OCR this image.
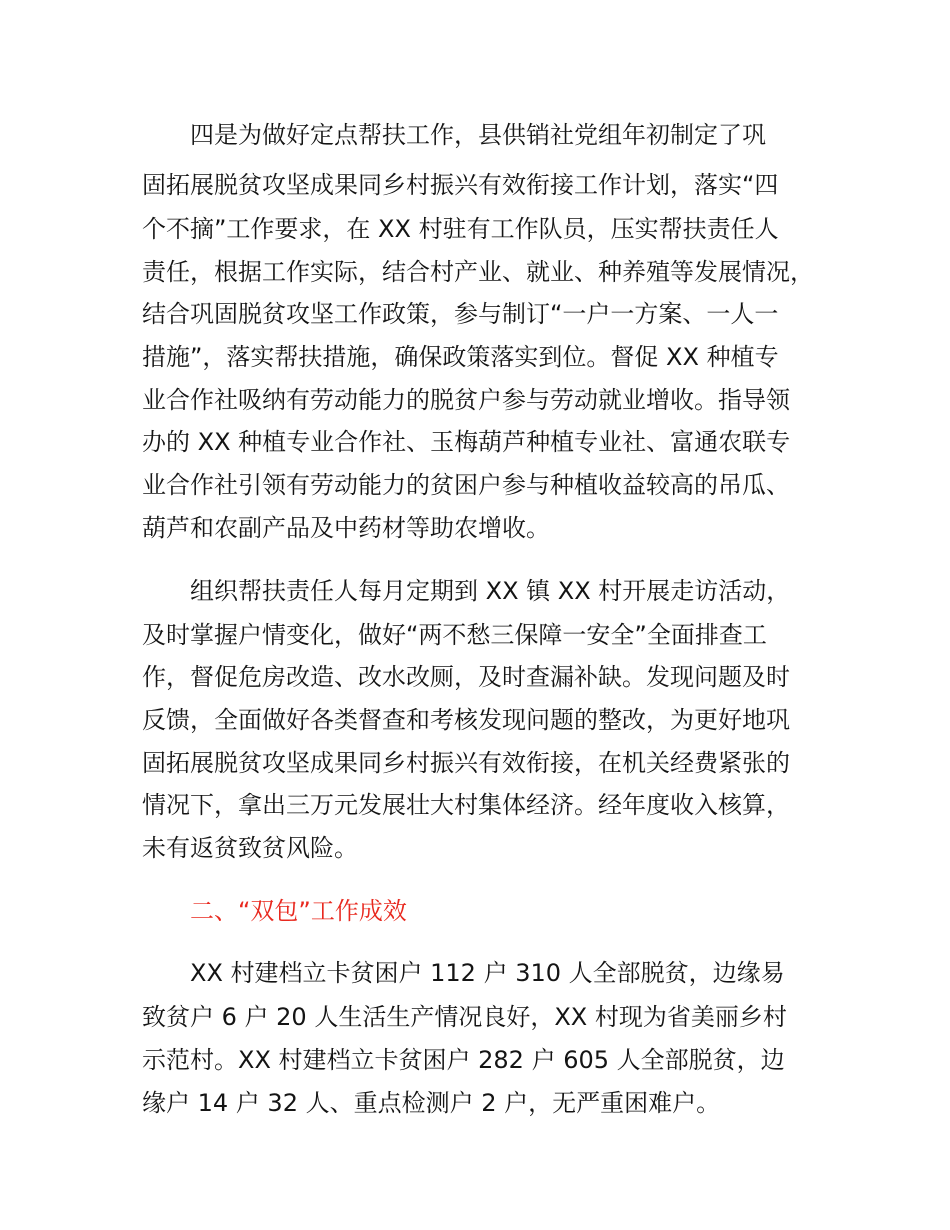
四是为做好定点帮扶工作，县供销社党组年初制定了巩
固拓展脱贫攻坚成果同乡村振兴有效衔接工作计划，落实“四
个不摘”工作要求，在 XX 村驻有工作队员，压实帮扶责任人
责任，根据工作实际，结合村产业、就业、种养殖等发展情况，
结合巩固脱贫攻坚工作政策，参与制订“一户一方案、一人一
措施”，落实帮扶措施，确保政策落实到位。督促 XX 种植专
业合作社吸纳有劳动能力的脱贫户参与劳动就业增收。指导领
办的 XX 种植专业合作社、玉梅葫芦种植专业社、富通农联专
业合作社引领有劳动能力的贫困户参与种植收益较高的吊瓜、
葫芦和农副产品及中药材等助农增收。
组织帮扶责任人每月定期到 XX 镇 XX 村开展走访活动，
及时掌握户情变化，做好“两不愁三保障一安全”全面排查工
作，督促危房改造、改水改厕，及时查漏补缺。发现问题及时
反馈，全面做好各类督查和考核发现问题的整改，为更好地巩
固拓展脱贫攻坚成果同乡村振兴有效衔接，在机关经费紧张的
情况下，拿出三万元发展壮大村集体经济。经年度收入核算，
未有返贫致贫风险。
二、“双包”工作成效
XX 村建档立卡贫困户 112 户 310 人全部脱贫，边缘易
致贫户 6 户 20 人生活生产情况良好，XX 村现为省美丽乡村
示范村。XX 村建档立卡贫困户 282 户 605 人全部脱贫，边
缘户 14 户 32 人、重点检测户 2 户，无严重困难户。
